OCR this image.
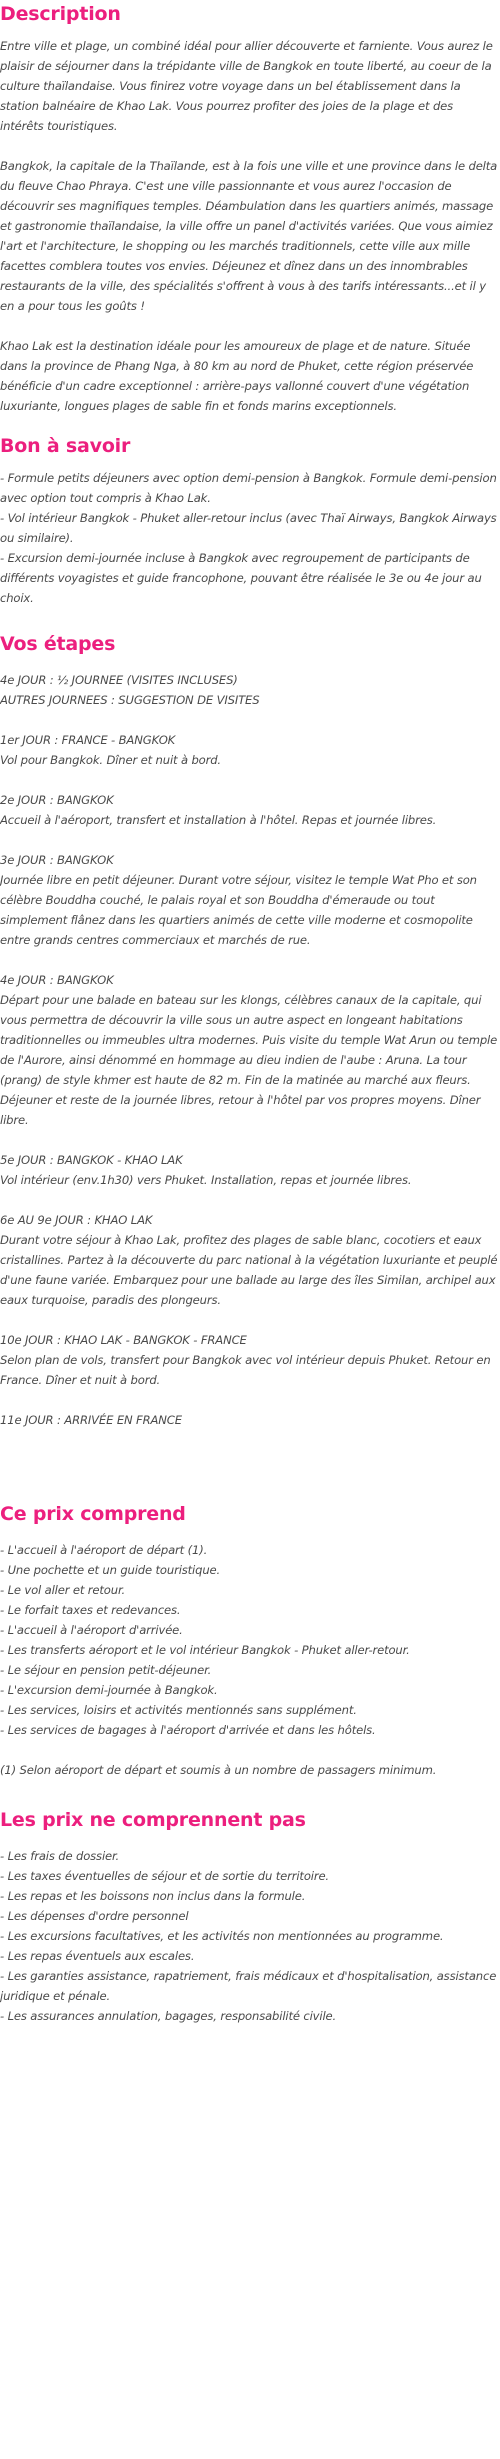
Description

Entre ville et plage, un combiné idéal pour allier découverte et farniente. Vous aurez le plaisir de séjourner dans la trépidante ville de Bangkok en toute liberté, au coeur de la culture thaïlandaise. Vous finirez votre voyage dans un bel établissement dans la station balnéaire de Khao Lak. Vous pourrez profiter des joies de la plage et des intérêts touristiques.

Bangkok, la capitale de la Thaïlande, est à la fois une ville et une province dans le delta du fleuve Chao Phraya. C'est une ville passionnante et vous aurez l'occasion de découvrir ses magnifiques temples. Déambulation dans les quartiers animés, massage et gastronomie thaïlandaise, la ville offre un panel d'activités variées. Que vous aimiez l'art et l'architecture, le shopping ou les marchés traditionnels, cette ville aux mille facettes comblera toutes vos envies. Déjeunez et dînez dans un des innombrables restaurants de la ville, des spécialités s'offrent à vous à des tarifs intéressants...et il y en a pour tous les goûts !

Khao Lak est la destination idéale pour les amoureux de plage et de nature. Située dans la province de Phang Nga, à 80 km au nord de Phuket, cette région préservée bénéficie d'un cadre exceptionnel : arrière-pays vallonné couvert d'une végétation luxuriante, longues plages de sable fin et fonds marins exceptionnels.

Bon à savoir

- Formule petits déjeuners avec option demi-pension à Bangkok. Formule demi-pension avec option tout compris à Khao Lak.

- Vol intérieur Bangkok - Phuket aller-retour inclus (avec Thaï Airways, Bangkok Airways ou similaire).

- Excursion demi-journée incluse à Bangkok avec regroupement de participants de différents voyagistes et guide francophone, pouvant être réalisée le 3e ou 4e jour au choix.

Vos étapes

4e JOUR : ½ JOURNEE (VISITES INCLUSES)

AUTRES JOURNEES : SUGGESTION DE VISITES

1er JOUR : FRANCE - BANGKOK

Vol pour Bangkok. Dîner et nuit à bord.

2e JOUR : BANGKOK

Accueil à l'aéroport, transfert et installation à l'hôtel. Repas et journée libres.

3e JOUR : BANGKOK

Journée libre en petit déjeuner. Durant votre séjour, visitez le temple Wat Pho et son célèbre Bouddha couché, le palais royal et son Bouddha d'émeraude ou tout simplement flânez dans les quartiers animés de cette ville moderne et cosmopolite entre grands centres commerciaux et marchés de rue.

4e JOUR : BANGKOK

Départ pour une balade en bateau sur les klongs, célèbres canaux de la capitale, qui vous permettra de découvrir la ville sous un autre aspect en longeant habitations traditionnelles ou immeubles ultra modernes. Puis visite du temple Wat Arun ou temple de l'Aurore, ainsi dénommé en hommage au dieu indien de l'aube : Aruna. La tour (prang) de style khmer est haute de 82 m. Fin de la matinée au marché aux fleurs. Déjeuner et reste de la journée libres, retour à l'hôtel par vos propres moyens. Dîner libre.

5e JOUR : BANGKOK - KHAO LAK

Vol intérieur (env.1h30) vers Phuket. Installation, repas et journée libres.

6e AU 9e JOUR : KHAO LAK

Durant votre séjour à Khao Lak, profitez des plages de sable blanc, cocotiers et eaux cristallines. Partez à la découverte du parc national à la végétation luxuriante et peuplé d'une faune variée. Embarquez pour une ballade au large des îles Similan, archipel aux eaux turquoise, paradis des plongeurs.

10e JOUR : KHAO LAK - BANGKOK - FRANCE

Selon plan de vols, transfert pour Bangkok avec vol intérieur depuis Phuket. Retour en France. Dîner et nuit à bord.

11e JOUR : ARRIVÉE EN FRANCE

Ce prix comprend

- L'accueil à l'aéroport de départ (1).

- Une pochette et un guide touristique.

- Le vol aller et retour.

- Le forfait taxes et redevances.

- L'accueil à l'aéroport d'arrivée.

- Les transferts aéroport et le vol intérieur Bangkok - Phuket aller-retour.

- Le séjour en pension petit-déjeuner.

- L'excursion demi-journée à Bangkok.

- Les services, loisirs et activités mentionnés sans supplément.

- Les services de bagages à l'aéroport d'arrivée et dans les hôtels.

(1) Selon aéroport de départ et soumis à un nombre de passagers minimum.

Les prix ne comprennent pas

- Les frais de dossier.

- Les taxes éventuelles de séjour et de sortie du territoire.

- Les repas et les boissons non inclus dans la formule.

- Les dépenses d'ordre personnel

- Les excursions facultatives, et les activités non mentionnées au programme.

- Les repas éventuels aux escales.

- Les garanties assistance, rapatriement, frais médicaux et d'hospitalisation, assistance juridique et pénale.

- Les assurances annulation, bagages, responsabilité civile.
